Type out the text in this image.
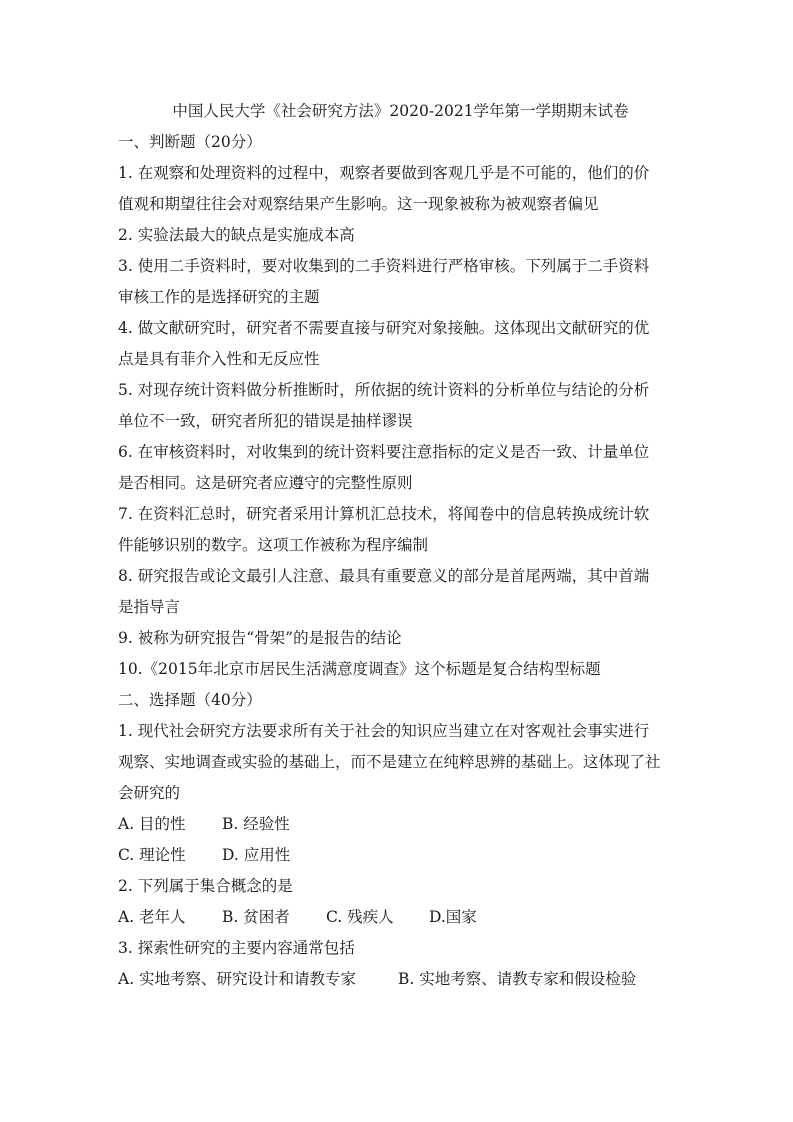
中国人民大学《社会研究方法》2020-2021学年第一学期期末试卷

一、判断题（20分）

1. 在观察和处理资料的过程中，观察者要做到客观几乎是不可能的，他们的价

值观和期望往往会对观察结果产生影响。这一现象被称为被观察者偏见

2. 实验法最大的缺点是实施成本高

3. 使用二手资料时，要对收集到的二手资料进行严格审核。下列属于二手资料

审核工作的是选择研究的主题

4. 做文献研究时，研究者不需要直接与研究对象接触。这体现出文献研究的优

点是具有菲介入性和无反应性

5. 对现存统计资料做分析推断时，所依据的统计资料的分析单位与结论的分析

单位不一致，研究者所犯的错误是抽样谬误

6. 在审核资料时，对收集到的统计资料要注意指标的定义是否一致、计量单位

是否相同。这是研究者应遵守的完整性原则

7. 在资料汇总时，研究者采用计算机汇总技术，将闻卷中的信息转换成统计软

件能够识别的数字。这项工作被称为程序编制

8. 研究报告或论文最引人注意、最具有重要意义的部分是首尾两端，其中首端

是指导言

9. 被称为研究报告“骨架”的是报告的结论

10.《2015年北京市居民生活满意度调查》这个标题是复合结构型标题

二、选择题（40分）

1. 现代社会研究方法要求所有关于社会的知识应当建立在对客观社会事实进行

观察、实地调查或实验的基础上，而不是建立在纯粹思辨的基础上。这体现了社

会研究的

A. 目的性 B. 经验性

C. 理论性 D. 应用性

2. 下列属于集合概念的是

A. 老年人 B. 贫困者 C. 残疾人 D.国家

3. 探索性研究的主要内容通常包括

A. 实地考察、研究设计和请教专家	B. 实地考察、请教专家和假设检验
